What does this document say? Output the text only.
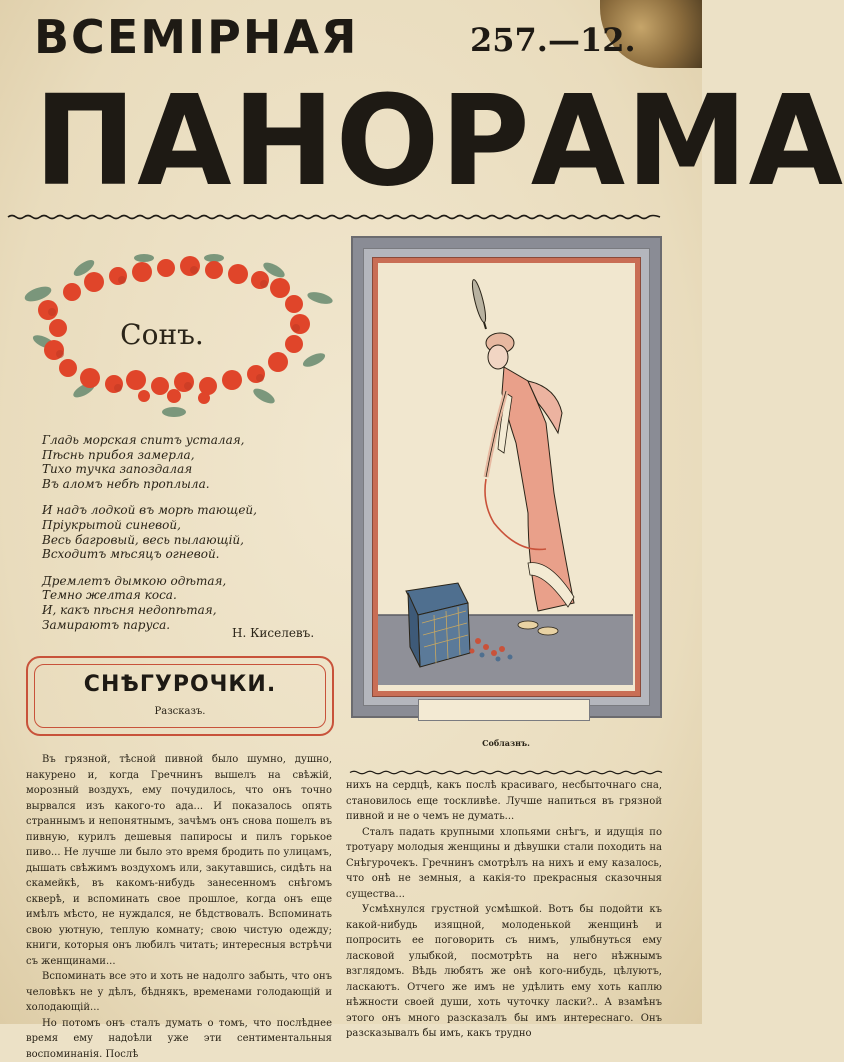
ВСЕМIРНАЯ	257.—12.
ПАНОРАМА
Сонъ.
Гладь морская спитъ усталая,
Пѣснь прибоя замерла,
Тихо тучка запоздалая
Въ аломъ небѣ проплыла.
И надъ лодкой въ морѣ тающей,
Прiукрытой синевой,
Весь багровый, весь пылающiй,
Всходитъ мѣсяцъ огневой.
Дремлетъ дымкою одѣтая,
Темно желтая коса.
И, какъ пѣсня недопѣтая,
Замираютъ паруса.
Н. Киселевъ.
СНѢГУРОЧКИ.
Разсказъ.
Соблазнъ.

Въ грязной, тѣсной пивной было шумно, душно, накурено и, когда Гречнинъ вышелъ на свѣжiй, морозный воздухъ, ему почудилось, что онъ точно вырвался изъ какого-то ада... И показалось опять страннымъ и непонятнымъ, зачѣмъ онъ снова пошелъ въ пивную, курилъ дешевыя папиросы и пилъ горькое пиво... Не лучше ли было это время бродить по улицамъ, дышать свѣжимъ воздухомъ или, закутавшись, сидѣть на скамейкѣ, въ какомъ-нибудь занесенномъ снѣгомъ скверѣ, и вспоминать свое прошлое, когда онъ еще имѣлъ мѣсто, не нуждался, не бѣдствовалъ. Вспоминать свою уютную, теплую комнату; свою чистую одежду; книги, которыя онъ любилъ читать; интересныя встрѣчи съ женщинами...

Вспоминать все это и хоть не надолго забыть, что онъ человѣкъ не у дѣлъ, бѣднякъ, временами голодающiй и холодающiй...

Но потомъ онъ сталъ думать о томъ, что послѣднее время ему надоѣли уже эти сентиментальныя воспоминанiя. Послѣ

нихъ на сердцѣ, какъ послѣ красиваго, несбыточнаго сна, становилось еще тоскливѣе. Лучше напиться въ грязной пивной и не о чемъ не думать...

Сталъ падать крупными хлопьями снѣгъ, и идущiя по тротуару молодыя женщины и дѣвушки стали походить на Снѣгурочекъ. Гречнинъ смотрѣлъ на нихъ и ему казалось, что онѣ не земныя, а какiя-то прекрасныя сказочныя существа...

Усмѣхнулся грустной усмѣшкой. Вотъ бы подойти къ какой-нибудь изящной, молоденькой женщинѣ и попросить ее поговорить съ нимъ, улыбнуться ему ласковой улыбкой, посмотрѣть на него нѣжнымъ взглядомъ. Вѣдь любятъ же онѣ кого-нибудь, цѣлуютъ, ласкаютъ. Отчего же имъ не удѣлить ему хоть каплю нѣжности своей души, хоть чуточку ласки?.. А взамѣнъ этого онъ много разсказалъ бы имъ интереснаго. Онъ разсказывалъ бы имъ, какъ трудно
